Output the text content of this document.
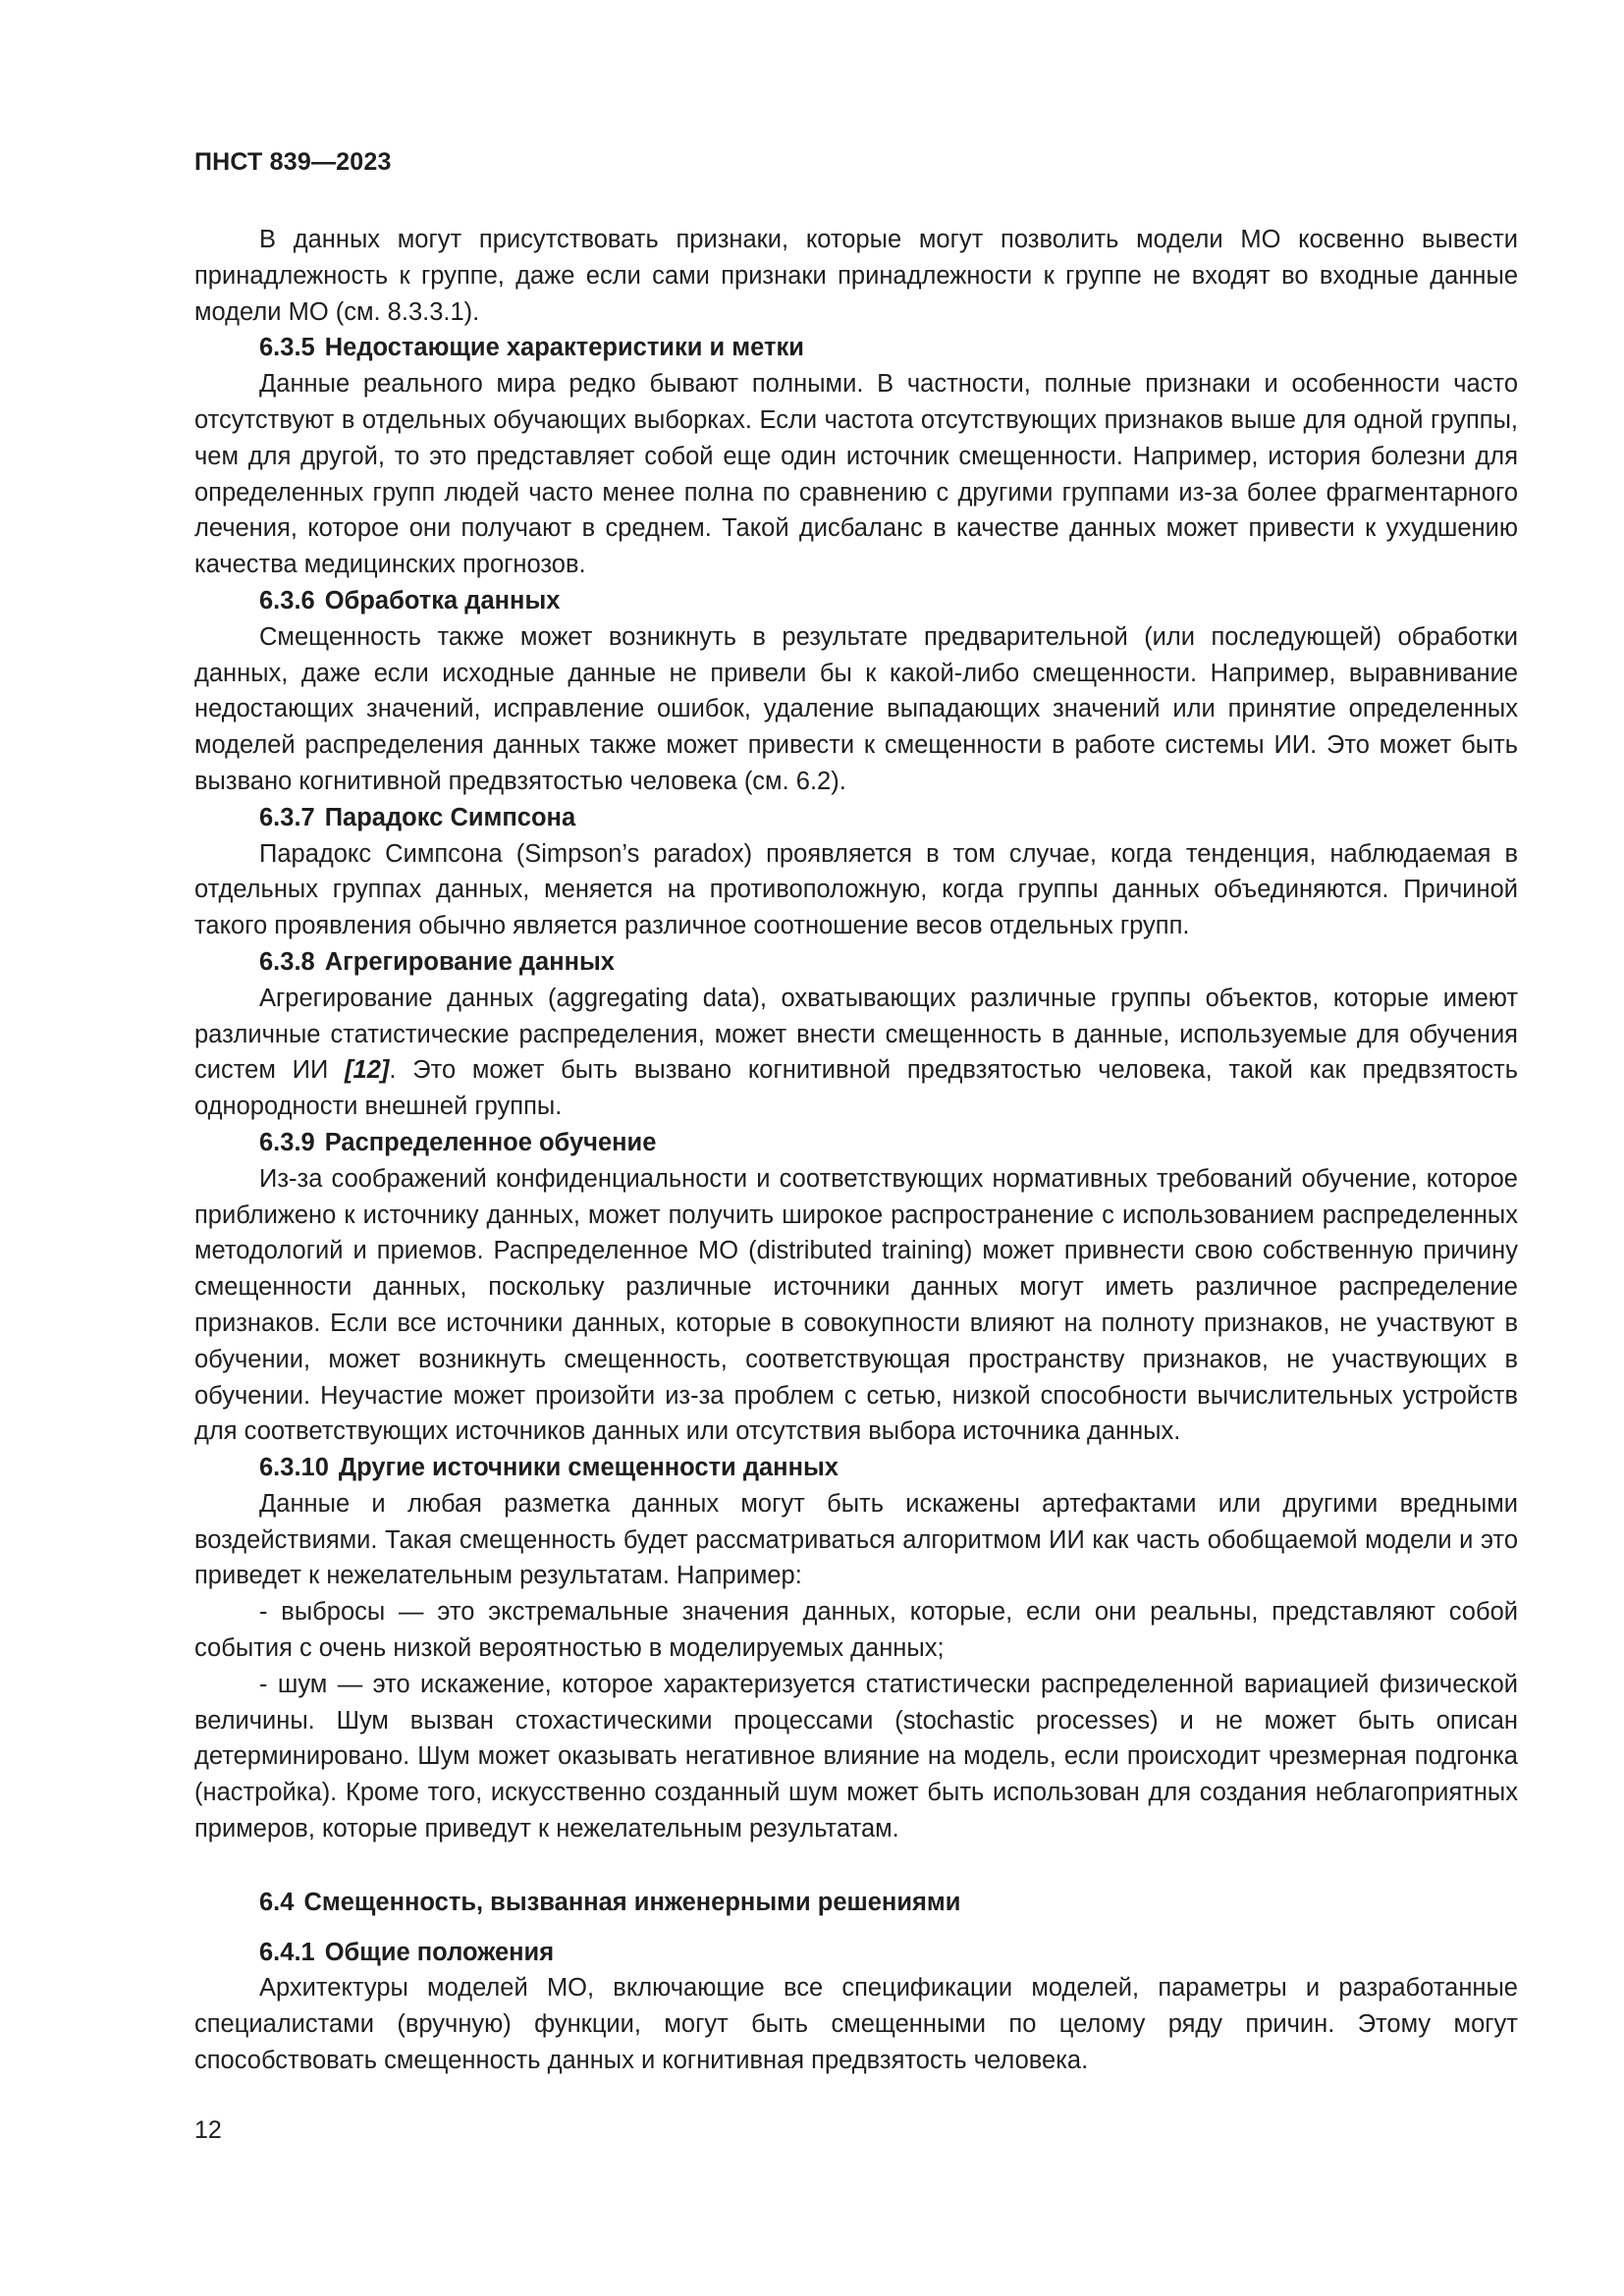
ПНСТ 839—2023

В данных могут присутствовать признаки, которые могут позволить модели МО косвенно вывести принадлежность к группе, даже если сами признаки принадлежности к группе не входят во входные данные модели МО (см. 8.3.3.1).

6.3.5 Недостающие характеристики и метки

Данные реального мира редко бывают полными. В частности, полные признаки и особенности часто отсутствуют в отдельных обучающих выборках. Если частота отсутствующих признаков выше для одной группы, чем для другой, то это представляет собой еще один источник смещенности. Например, история болезни для определенных групп людей часто менее полна по сравнению с другими группами из-за более фрагментарного лечения, которое они получают в среднем. Такой дисбаланс в качестве данных может привести к ухудшению качества медицинских прогнозов.

6.3.6 Обработка данных

Смещенность также может возникнуть в результате предварительной (или последующей) обработки данных, даже если исходные данные не привели бы к какой-либо смещенности. Например, выравнивание недостающих значений, исправление ошибок, удаление выпадающих значений или принятие определенных моделей распределения данных также может привести к смещенности в работе системы ИИ. Это может быть вызвано когнитивной предвзятостью человека (см. 6.2).

6.3.7 Парадокс Симпсона

Парадокс Симпсона (Simpson’s paradox) проявляется в том случае, когда тенденция, наблюдаемая в отдельных группах данных, меняется на противоположную, когда группы данных объединяются. Причиной такого проявления обычно является различное соотношение весов отдельных групп.

6.3.8 Агрегирование данных

Агрегирование данных (aggregating data), охватывающих различные группы объектов, которые имеют различные статистические распределения, может внести смещенность в данные, используемые для обучения систем ИИ [12]. Это может быть вызвано когнитивной предвзятостью человека, такой как предвзятость однородности внешней группы.

6.3.9 Распределенное обучение

Из-за соображений конфиденциальности и соответствующих нормативных требований обучение, которое приближено к источнику данных, может получить широкое распространение с использованием распределенных методологий и приемов. Распределенное МО (distributed training) может привнести свою собственную причину смещенности данных, поскольку различные источники данных могут иметь различное распределение признаков. Если все источники данных, которые в совокупности влияют на полноту признаков, не участвуют в обучении, может возникнуть смещенность, соответствующая пространству признаков, не участвующих в обучении. Неучастие может произойти из-за проблем с сетью, низкой способности вычислительных устройств для соответствующих источников данных или отсутствия выбора источника данных.

6.3.10 Другие источники смещенности данных

Данные и любая разметка данных могут быть искажены артефактами или другими вредными воздействиями. Такая смещенность будет рассматриваться алгоритмом ИИ как часть обобщаемой модели и это приведет к нежелательным результатам. Например:

- выбросы — это экстремальные значения данных, которые, если они реальны, представляют собой события с очень низкой вероятностью в моделируемых данных;

- шум — это искажение, которое характеризуется статистически распределенной вариацией физической величины. Шум вызван стохастическими процессами (stochastic processes) и не может быть описан детерминировано. Шум может оказывать негативное влияние на модель, если происходит чрезмерная подгонка (настройка). Кроме того, искусственно созданный шум может быть использован для создания неблагоприятных примеров, которые приведут к нежелательным результатам.

6.4 Смещенность, вызванная инженерными решениями
6.4.1 Общие положения

Архитектуры моделей МО, включающие все спецификации моделей, параметры и разработанные специалистами (вручную) функции, могут быть смещенными по целому ряду причин. Этому могут способствовать смещенность данных и когнитивная предвзятость человека.

12
